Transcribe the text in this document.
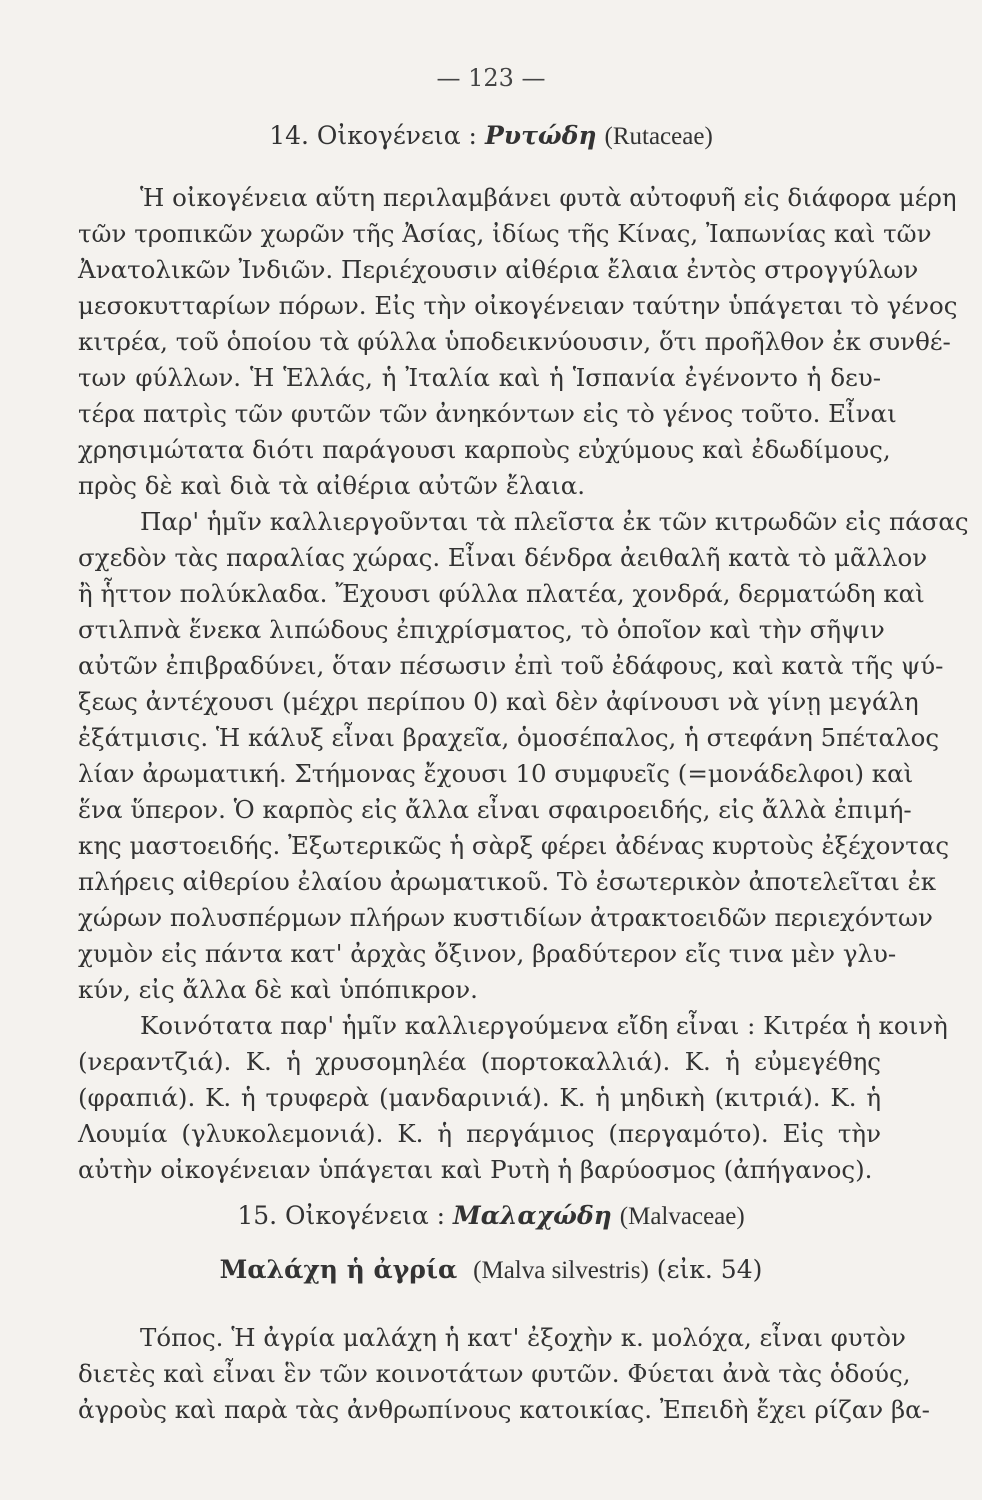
— 123 —
14. Οἰκογένεια : Ρυτώδη (Rutaceae)
Ἡ οἰκογένεια αὕτη περιλαμβάνει φυτὰ αὐτοφυῆ εἰς διάφορα μέρη
τῶν τροπικῶν χωρῶν τῆς Ἀσίας, ἰδίως τῆς Κίνας, Ἰαπωνίας καὶ τῶν
Ἀνατολικῶν Ἰνδιῶν. Περιέχουσιν αἰθέρια ἔλαια ἐντὸς στρογγύλων
μεσοκυτταρίων πόρων. Εἰς τὴν οἰκογένειαν ταύτην ὑπάγεται τὸ γένος
κιτρέα, τοῦ ὁποίου τὰ φύλλα ὑποδεικνύουσιν, ὅτι προῆλθον ἐκ συνθέ-
των φύλλων. Ἡ Ἑλλάς, ἡ Ἰταλία καὶ ἡ Ἱσπανία ἐγένοντο ἡ δευ-
τέρα πατρὶς τῶν φυτῶν τῶν ἀνηκόντων εἰς τὸ γένος τοῦτο. Εἶναι
χρησιμώτατα διότι παράγουσι καρποὺς εὐχύμους καὶ ἐδωδίμους,
πρὸς δὲ καὶ διὰ τὰ αἰθέρια αὐτῶν ἔλαια.
Παρ' ἡμῖν καλλιεργοῦνται τὰ πλεῖστα ἐκ τῶν κιτρωδῶν εἰς πάσας
σχεδὸν τὰς παραλίας χώρας. Εἶναι δένδρα ἀειθαλῆ κατὰ τὸ μᾶλλον
ἢ ἧττον πολύκλαδα. Ἔχουσι φύλλα πλατέα, χονδρά, δερματώδη καὶ
στιλπνὰ ἕνεκα λιπώδους ἐπιχρίσματος, τὸ ὁποῖον καὶ τὴν σῆψιν
αὐτῶν ἐπιβραδύνει, ὅταν πέσωσιν ἐπὶ τοῦ ἐδάφους, καὶ κατὰ τῆς ψύ-
ξεως ἀντέχουσι (μέχρι περίπου 0) καὶ δὲν ἀφίνουσι νὰ γίνῃ μεγάλη
ἐξάτμισις. Ἡ κάλυξ εἶναι βραχεῖα, ὁμοσέπαλος, ἡ στεφάνη 5πέταλος
λίαν ἀρωματική. Στήμονας ἔχουσι 10 συμφυεῖς (=μονάδελφοι) καὶ
ἕνα ὕπερον. Ὁ καρπὸς εἰς ἄλλα εἶναι σφαιροειδής, εἰς ἄλλὰ ἐπιμή-
κης μαστοειδής. Ἐξωτερικῶς ἡ σὰρξ φέρει ἀδένας κυρτοὺς ἐξέχοντας
πλήρεις αἰθερίου ἐλαίου ἀρωματικοῦ. Τὸ ἐσωτερικὸν ἀποτελεῖται ἐκ
χώρων πολυσπέρμων πλήρων κυστιδίων ἀτρακτοειδῶν περιεχόντων
χυμὸν εἰς πάντα κατ' ἀρχὰς ὄξινον, βραδύτερον εἴς τινα μὲν γλυ-
κύν, εἰς ἄλλα δὲ καὶ ὑπόπικρον.
Κοινότατα παρ' ἡμῖν καλλιεργούμενα εἴδη εἶναι : Κιτρέα ἡ κοινὴ
(νεραντζιά). Κ. ἡ χρυσομηλέα (πορτοκαλλιά). Κ. ἡ εὐμεγέθης
(φραπιά). Κ. ἡ τρυφερὰ (μανδαρινιά). Κ. ἡ μηδικὴ (κιτριά). Κ. ἡ
Λουμία (γλυκολεμονιά). Κ. ἡ περγάμιος (περγαμότο). Εἰς τὴν
αὐτὴν οἰκογένειαν ὑπάγεται καὶ Ρυτὴ ἡ βαρύοσμος (ἀπήγανος).
15. Οἰκογένεια : Μαλαχώδη (Malvaceae)
Μαλάχη ἡ ἀγρία (Malva silvestris) (εἰκ. 54)
Τόπος. Ἡ ἀγρία μαλάχη ἡ κατ' ἐξοχὴν κ. μολόχα, εἶναι φυτὸν
διετὲς καὶ εἶναι ἓν τῶν κοινοτάτων φυτῶν. Φύεται ἀνὰ τὰς ὁδούς,
ἀγροὺς καὶ παρὰ τὰς ἀνθρωπίνους κατοικίας. Ἐπειδὴ ἔχει ρίζαν βα-
